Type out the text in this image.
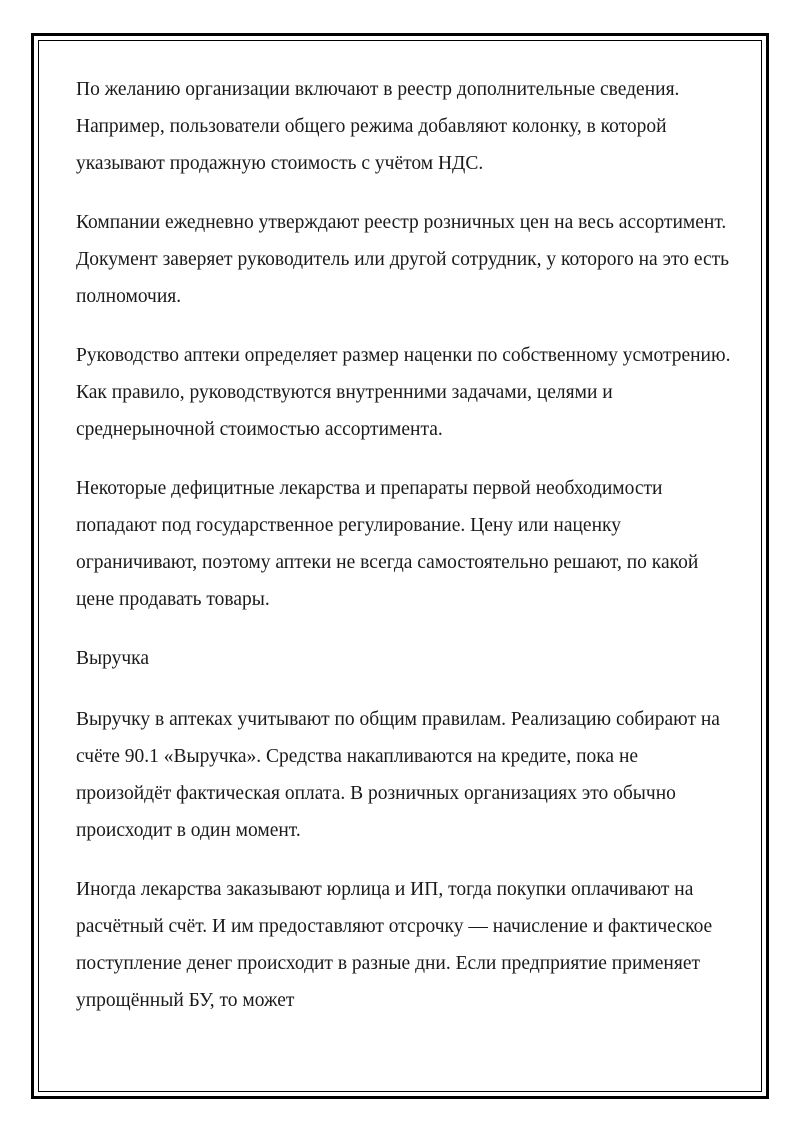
По желанию организации включают в реестр дополнительные сведения. Например, пользователи общего режима добавляют колонку, в которой указывают продажную стоимость с учётом НДС.

Компании ежедневно утверждают реестр розничных цен на весь ассортимент. Документ заверяет руководитель или другой сотрудник, у которого на это есть полномочия.

Руководство аптеки определяет размер наценки по собственному усмотрению. Как правило, руководствуются внутренними задачами, целями и среднерыночной стоимостью ассортимента.

Некоторые дефицитные лекарства и препараты первой необходимости попадают под государственное регулирование. Цену или наценку ограничивают, поэтому аптеки не всегда самостоятельно решают, по какой цене продавать товары.

Выручка

Выручку в аптеках учитывают по общим правилам. Реализацию собирают на счёте 90.1 «Выручка». Средства накапливаются на кредите, пока не произойдёт фактическая оплата. В розничных организациях это обычно происходит в один момент.

Иногда лекарства заказывают юрлица и ИП, тогда покупки оплачивают на расчётный счёт. И им предоставляют отсрочку — начисление и фактическое поступление денег происходит в разные дни. Если предприятие применяет упрощённый БУ, то может
